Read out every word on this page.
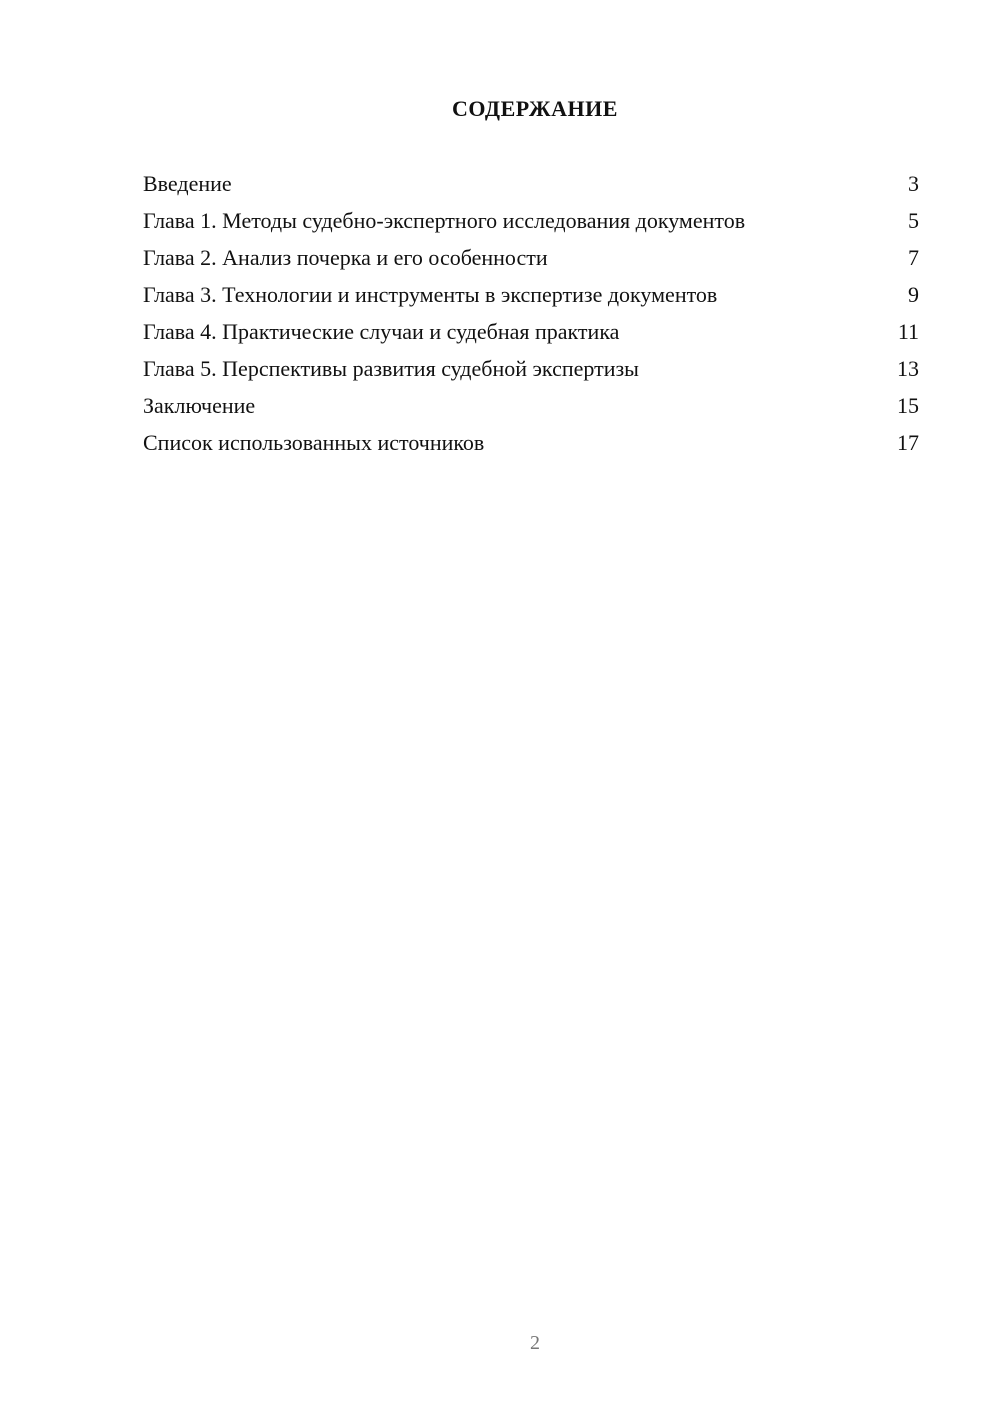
СОДЕРЖАНИЕ
Введение	3
Глава 1. Методы судебно-экспертного исследования документов	5
Глава 2. Анализ почерка и его особенности	7
Глава 3. Технологии и инструменты в экспертизе документов	9
Глава 4. Практические случаи и судебная практика	11
Глава 5. Перспективы развития судебной экспертизы	13
Заключение	15
Список использованных источников	17
2
